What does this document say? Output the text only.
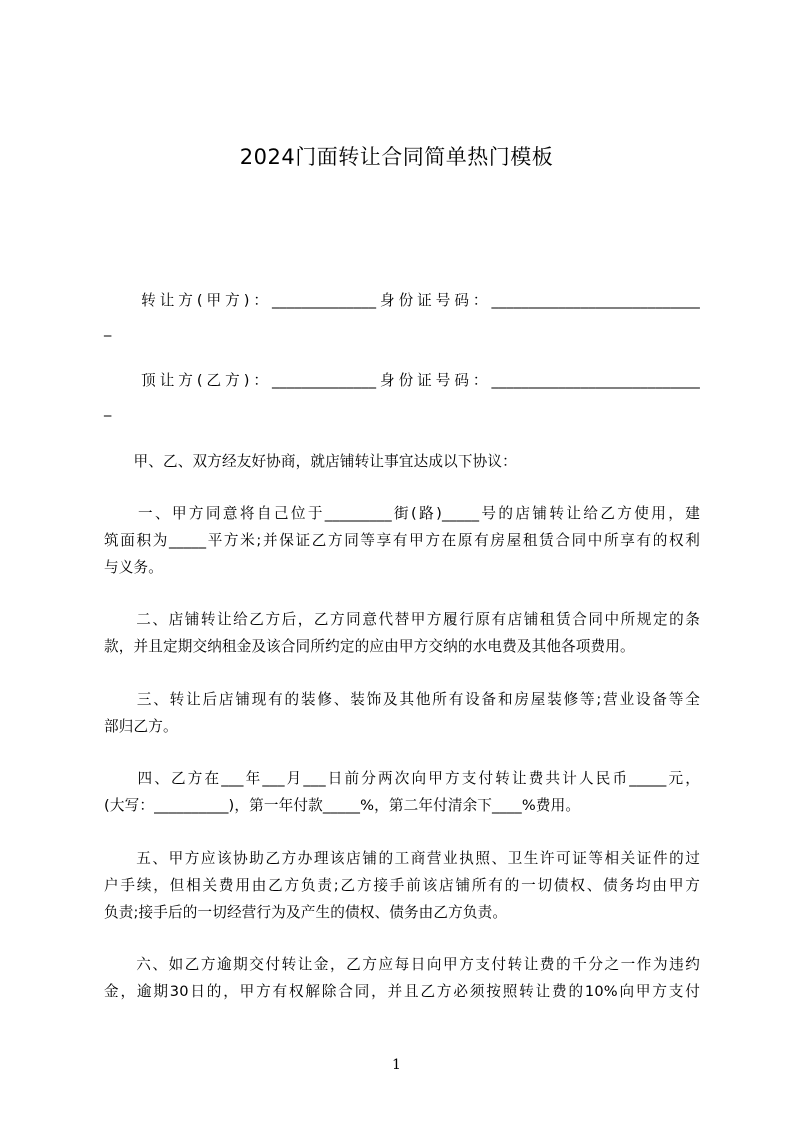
2024门面转让合同简单热门模板
　　转让方(甲方)：______________身份证号码：____________________________
_
　　顶让方(乙方)：______________身份证号码：____________________________
_
　　甲、乙、双方经友好协商，就店铺转让事宜达成以下协议：
　　一、甲方同意将自己位于_________街(路)_____号的店铺转让给乙方使用，建
筑面积为_____平方米;并保证乙方同等享有甲方在原有房屋租赁合同中所享有的权利
与义务。
　　二、店铺转让给乙方后，乙方同意代替甲方履行原有店铺租赁合同中所规定的条
款，并且定期交纳租金及该合同所约定的应由甲方交纳的水电费及其他各项费用。
　　三、转让后店铺现有的装修、装饰及其他所有设备和房屋装修等;营业设备等全
部归乙方。
　　四、乙方在___年___月___日前分两次向甲方支付转让费共计人民币_____元，
(大写：__________)，第一年付款_____%，第二年付清余下____%费用。
　　五、甲方应该协助乙方办理该店铺的工商营业执照、卫生许可证等相关证件的过
户手续，但相关费用由乙方负责;乙方接手前该店铺所有的一切债权、债务均由甲方
负责;接手后的一切经营行为及产生的债权、债务由乙方负责。
　　六、如乙方逾期交付转让金，乙方应每日向甲方支付转让费的千分之一作为违约
金，逾期30日的，甲方有权解除合同，并且乙方必须按照转让费的10%向甲方支付
1
